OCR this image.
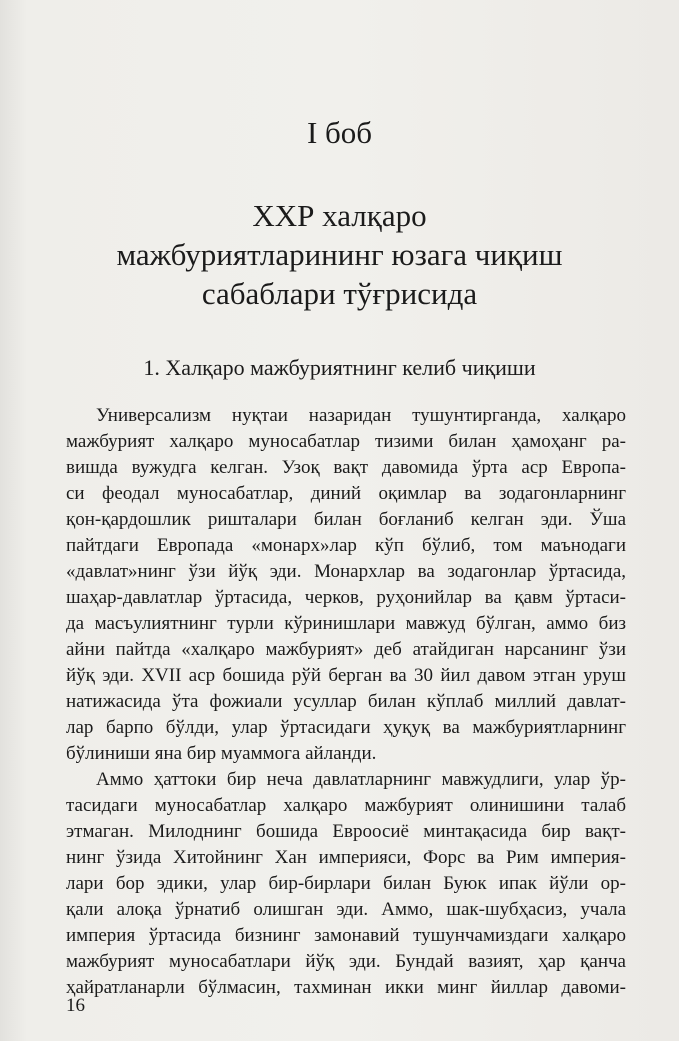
I боб
ХХР халқаро
мажбуриятларининг юзага чиқиш
сабаблари тўғрисида
1. Халқаро мажбуриятнинг келиб чиқиши
Универсализм нуқтаи назаридан тушунтирганда, халқаро
мажбурият халқаро муносабатлар тизими билан ҳамоҳанг ра-
вишда вужудга келган. Узоқ вақт давомида ўрта аср Европа-
си феодал муносабатлар, диний оқимлар ва зодагонларнинг
қон-қардошлик ришталари билан боғланиб келган эди. Ўша
пайтдаги Европада «монарх»лар кўп бўлиб, том маънодаги
«давлат»нинг ўзи йўқ эди. Монархлар ва зодагонлар ўртасида,
шаҳар-давлатлар ўртасида, черков, руҳонийлар ва қавм ўртаси-
да масъулиятнинг турли кўринишлари мавжуд бўлган, аммо биз
айни пайтда «халқаро мажбурият» деб атайдиган нарсанинг ўзи
йўқ эди. XVII аср бошида рўй берган ва 30 йил давом этган уруш
натижасида ўта фожиали усуллар билан кўплаб миллий давлат-
лар барпо бўлди, улар ўртасидаги ҳуқуқ ва мажбуриятларнинг
бўлиниши яна бир муаммога айланди.
Аммо ҳаттоки бир неча давлатларнинг мавжудлиги, улар ўр-
тасидаги муносабатлар халқаро мажбурият олинишини талаб
этмаган. Милоднинг бошида Евроосиё минтақасида бир вақт-
нинг ўзида Хитойнинг Хан империяси, Форс ва Рим империя-
лари бор эдики, улар бир-бирлари билан Буюк ипак йўли ор-
қали алоқа ўрнатиб олишган эди. Аммо, шак-шубҳасиз, учала
империя ўртасида бизнинг замонавий тушунчамиздаги халқаро
мажбурият муносабатлари йўқ эди. Бундай вазият, ҳар қанча
ҳайратланарли бўлмасин, тахминан икки минг йиллар давоми-
16
